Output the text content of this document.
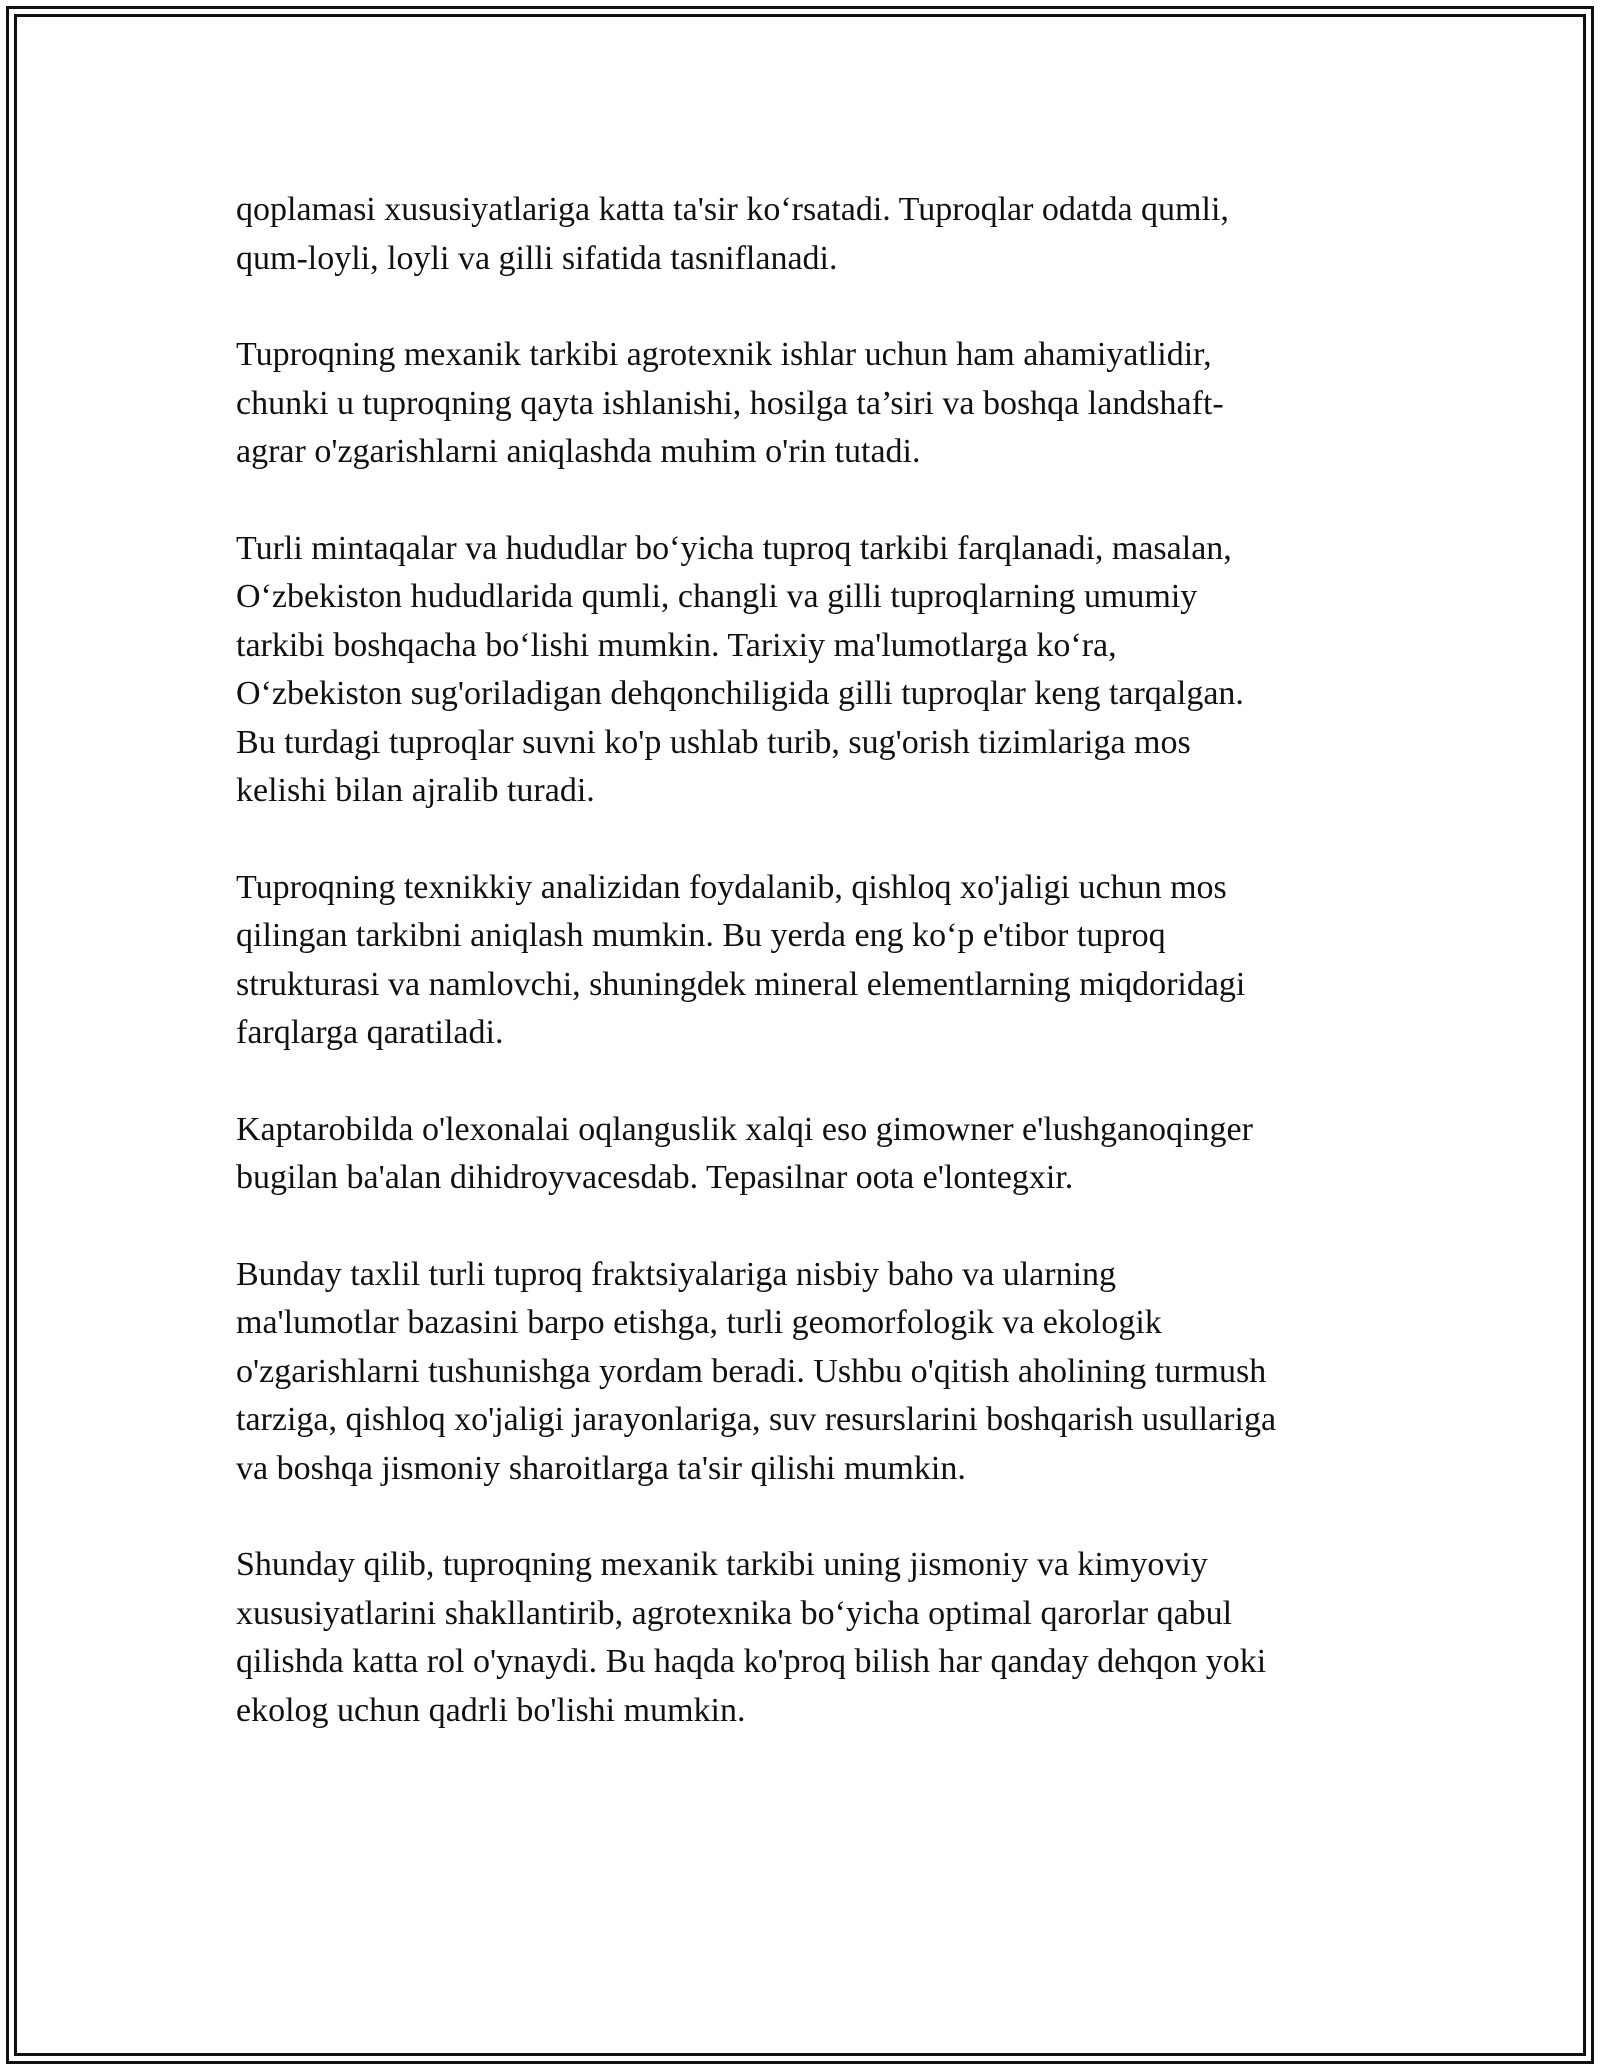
qoplamasi xususiyatlariga katta ta'sir ko‘rsatadi. Tuproqlar odatda qumli,
qum-loyli, loyli va gilli sifatida tasniflanadi.

Tuproqning mexanik tarkibi agrotexnik ishlar uchun ham ahamiyatlidir,
chunki u tuproqning qayta ishlanishi, hosilga ta’siri va boshqa landshaft-
agrar o'zgarishlarni aniqlashda muhim o'rin tutadi.

Turli mintaqalar va hududlar bo‘yicha tuproq tarkibi farqlanadi, masalan,
O‘zbekiston hududlarida qumli, changli va gilli tuproqlarning umumiy
tarkibi boshqacha bo‘lishi mumkin. Tarixiy ma'lumotlarga ko‘ra,
O‘zbekiston sug'oriladigan dehqonchiligida gilli tuproqlar keng tarqalgan.
Bu turdagi tuproqlar suvni ko'p ushlab turib, sug'orish tizimlariga mos
kelishi bilan ajralib turadi.

Tuproqning texnikkiy analizidan foydalanib, qishloq xo'jaligi uchun mos
qilingan tarkibni aniqlash mumkin. Bu yerda eng ko‘p e'tibor tuproq
strukturasi va namlovchi, shuningdek mineral elementlarning miqdoridagi
farqlarga qaratiladi.

Kaptarobilda o'lexonalai oqlanguslik xalqi eso gimowner e'lushganoqinger
bugilan ba'alan dihidroyvacesdab. Tepasilnar oota e'lontegxir.

Bunday taxlil turli tuproq fraktsiyalariga nisbiy baho va ularning
ma'lumotlar bazasini barpo etishga, turli geomorfologik va ekologik
o'zgarishlarni tushunishga yordam beradi. Ushbu o'qitish aholining turmush
tarziga, qishloq xo'jaligi jarayonlariga, suv resurslarini boshqarish usullariga
va boshqa jismoniy sharoitlarga ta'sir qilishi mumkin.

Shunday qilib, tuproqning mexanik tarkibi uning jismoniy va kimyoviy
xususiyatlarini shakllantirib, agrotexnika bo‘yicha optimal qarorlar qabul
qilishda katta rol o'ynaydi. Bu haqda ko'proq bilish har qanday dehqon yoki
ekolog uchun qadrli bo'lishi mumkin.
